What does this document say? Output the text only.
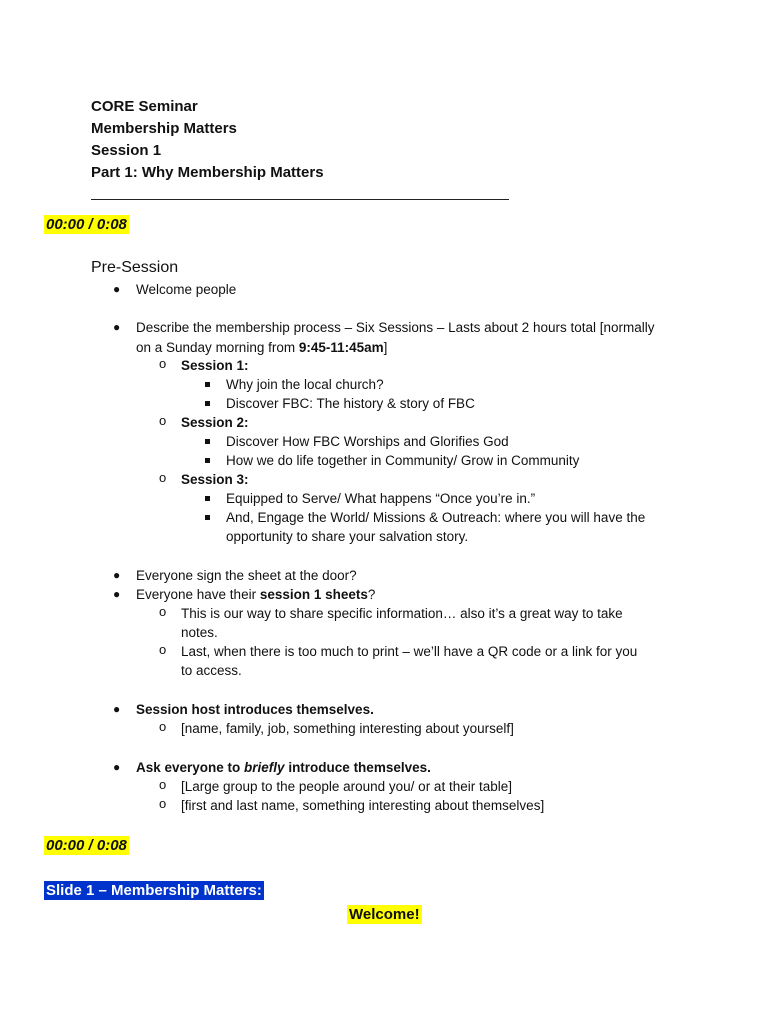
CORE Seminar
Membership Matters
Session 1
Part 1: Why Membership Matters
00:00 / 0:08
Pre-Session
● Welcome people
● Describe the membership process – Six Sessions – Lasts about 2 hours total [normally
on a Sunday morning from 9:45-11:45am]
o Session 1:
Why join the local church?
Discover FBC: The history & story of FBC
o Session 2:
Discover How FBC Worships and Glorifies God
How we do life together in Community/ Grow in Community
o Session 3:
Equipped to Serve/ What happens “Once you’re in.”
And, Engage the World/ Missions & Outreach: where you will have the
opportunity to share your salvation story.
● Everyone sign the sheet at the door?
● Everyone have their session 1 sheets?
o This is our way to share specific information… also it’s a great way to take
notes.
o Last, when there is too much to print – we’ll have a QR code or a link for you
to access.
● Session host introduces themselves.
o [name, family, job, something interesting about yourself]
● Ask everyone to briefly introduce themselves.
o [Large group to the people around you/ or at their table]
o [first and last name, something interesting about themselves]
00:00 / 0:08
Slide 1 – Membership Matters:
Welcome!
